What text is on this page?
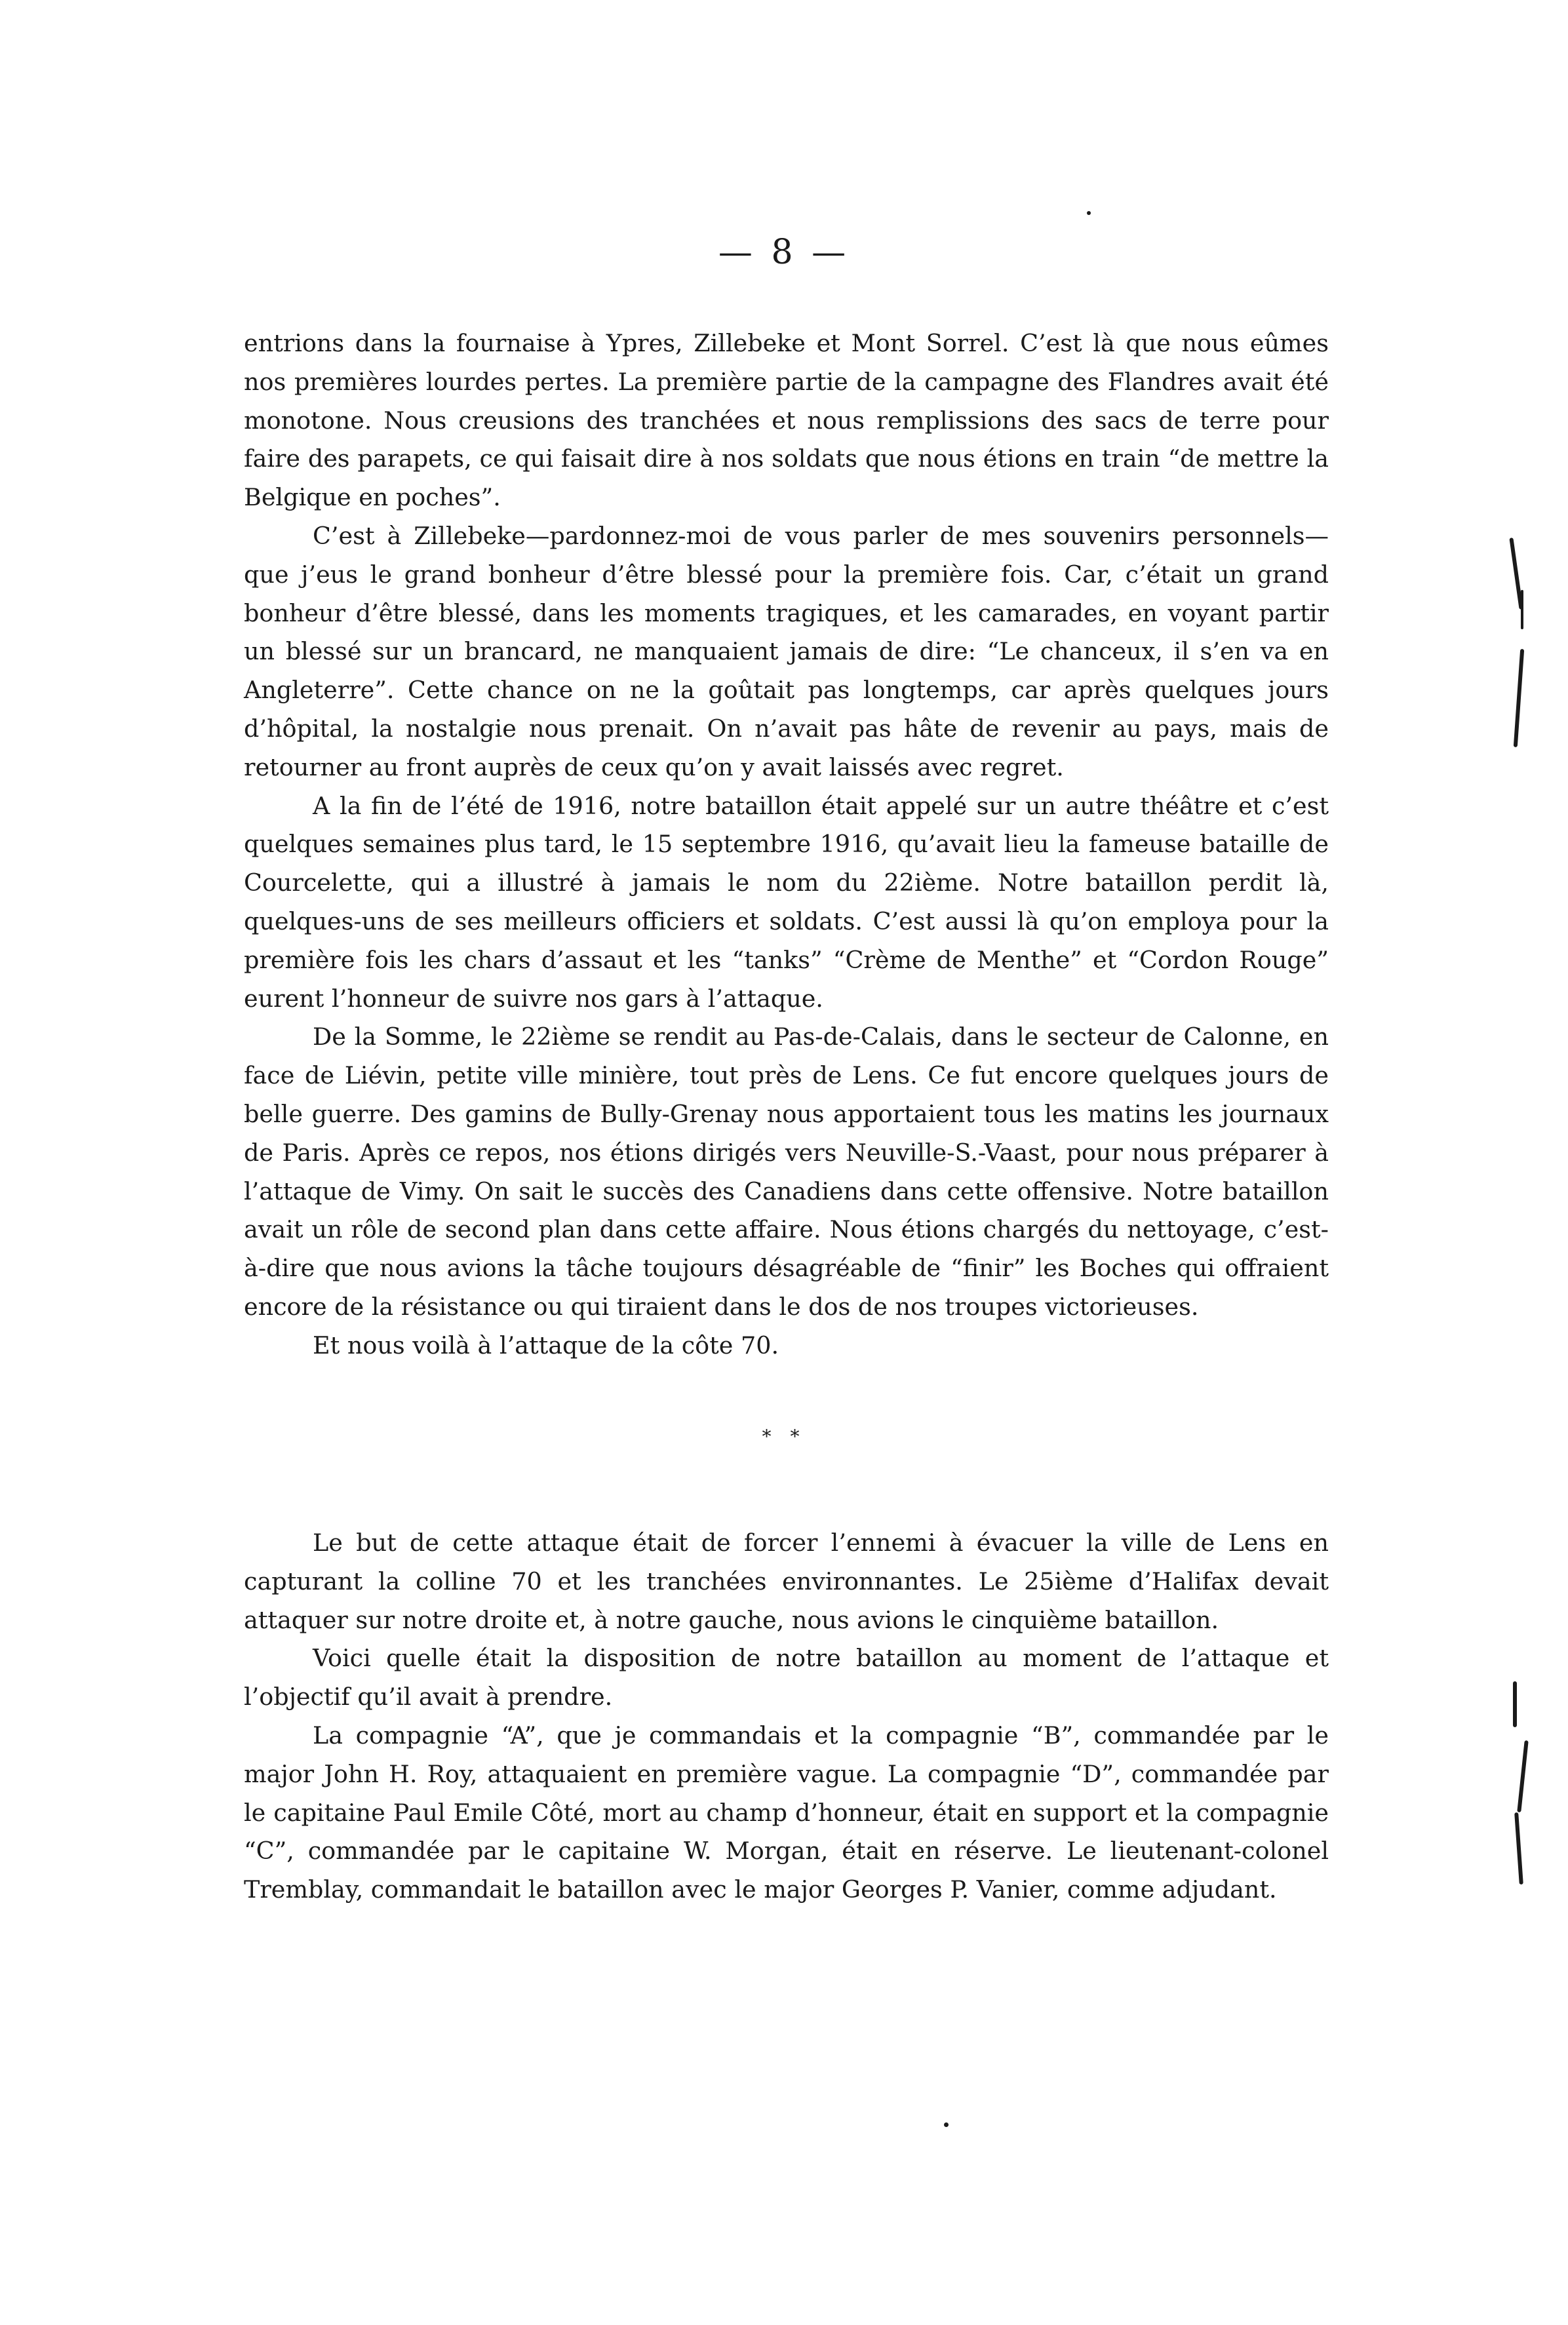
— 8 —

entrions dans la fournaise à Ypres, Zillebeke et Mont Sorrel. C’est là que nous eûmes nos premières lourdes pertes. La première partie de la campagne des Flandres avait été monotone. Nous creusions des tranchées et nous remplissions des sacs de terre pour faire des parapets, ce qui faisait dire à nos soldats que nous étions en train “de mettre la Belgique en poches”.

C’est à Zillebeke—pardonnez-moi de vous parler de mes souvenirs personnels—que j’eus le grand bonheur d’être blessé pour la première fois. Car, c’était un grand bonheur d’être blessé, dans les moments tragiques, et les camarades, en voyant partir un blessé sur un brancard, ne manquaient jamais de dire: “Le chanceux, il s’en va en Angleterre”. Cette chance on ne la goûtait pas longtemps, car après quelques jours d’hôpital, la nostalgie nous prenait. On n’avait pas hâte de revenir au pays, mais de retourner au front auprès de ceux qu’on y avait laissés avec regret.

A la fin de l’été de 1916, notre bataillon était appelé sur un autre théâtre et c’est quelques semaines plus tard, le 15 septembre 1916, qu’avait lieu la fameuse bataille de Courcelette, qui a illustré à jamais le nom du 22ième. Notre bataillon perdit là, quelques-uns de ses meilleurs officiers et soldats. C’est aussi là qu’on employa pour la première fois les chars d’assaut et les “tanks” “Crème de Menthe” et “Cordon Rouge” eurent l’honneur de suivre nos gars à l’attaque.

De la Somme, le 22ième se rendit au Pas-de-Calais, dans le secteur de Calonne, en face de Liévin, petite ville minière, tout près de Lens. Ce fut encore quelques jours de belle guerre. Des gamins de Bully-Grenay nous apportaient tous les matins les journaux de Paris. Après ce repos, nos étions dirigés vers Neuville-S.-Vaast, pour nous préparer à l’attaque de Vimy. On sait le succès des Canadiens dans cette offensive. Notre bataillon avait un rôle de second plan dans cette affaire. Nous étions chargés du nettoyage, c’est-à-dire que nous avions la tâche toujours désagréable de “finir” les Boches qui offraient encore de la résistance ou qui tiraient dans le dos de nos troupes victorieuses.

Et nous voilà à l’attaque de la côte 70.

* *

Le but de cette attaque était de forcer l’ennemi à évacuer la ville de Lens en capturant la colline 70 et les tranchées environnantes. Le 25ième d’Halifax devait attaquer sur notre droite et, à notre gauche, nous avions le cinquième bataillon.

Voici quelle était la disposition de notre bataillon au moment de l’attaque et l’objectif qu’il avait à prendre.

La compagnie “A”, que je commandais et la compagnie “B”, commandée par le major John H. Roy, attaquaient en première vague. La compagnie “D”, commandée par le capitaine Paul Emile Côté, mort au champ d’honneur, était en support et la compagnie “C”, commandée par le capitaine W. Morgan, était en réserve. Le lieutenant-colonel Tremblay, commandait le bataillon avec le major Georges P. Vanier, comme adjudant.
